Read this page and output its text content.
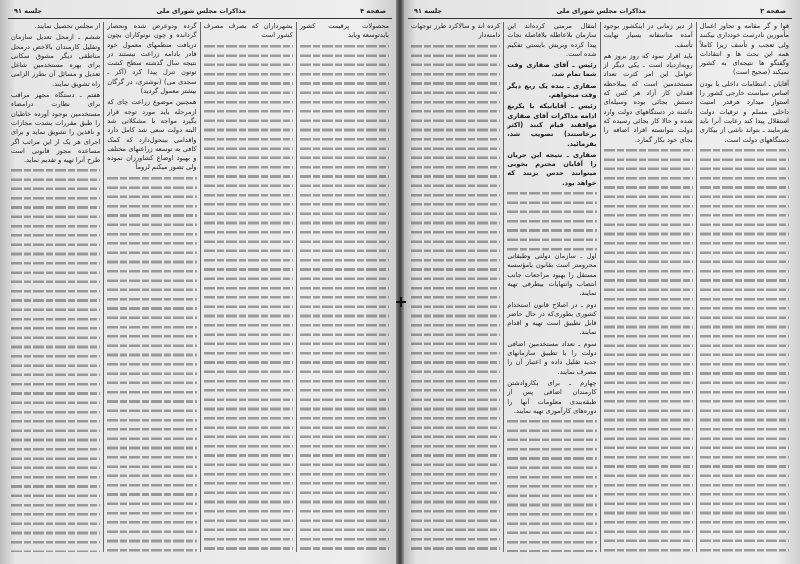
صفحه ۴
مذاکرات مجلس شورای ملی
جلسه ۹۱

محصولات پرقیمت کشور بایدتوسعه ویابد

بشهرداران که بصرف مصرف کشور است

گرده ودوعرض شده ونحصار گردانده و چون نوتوکاران بچون دریافت منظمهای معمول خود قادر بادامه زراعت نیستند در نتیجه سال گذشته سطح کشت توتون تنزل پیدا کرد (آکر ـ سجدی می) (نوشتری، در گرگان بیشتر معمول گردید)

همچنین موضوع زراعت چای که ازمرحله باید مورد توجه قرار بگیرد مواجه با مشکلاتی شد البته دولت سعی شد کامل دارد واقدامی ببنحول‌دارد که کمک کافی به توسعه زراعتهای مختلف و بهبود اوضاع کشاورزان نموده ولی تصور میکنم لزوماً

از مجلس تحصیل نمایند.

ششم ـ ازمحل تعدیل سازمان وتقلیل کارمندان بالاخص درمحل مناطقی دیگر مشوق سکانی برای بهره مستخدمین شاغل تعدیل و مسائل آن بطرز الزامی راه تشویق نمایند.

هفتم ـ دستگاه مجهز مراقب برای نظارت درامضاء مستخدمین بوجود آورده خاطیان را طبق مقررات بشدت مجازات و نافذین را تشویق نماید و برای اجرای هر یک از این مراتب اگر مساعده مجوز قانونی است طرح آنرا تهیه و تقدیم نماید.

صفحه ۳
مذاکرات مجلس شورای ملی
جلسه ۹۱

قوا و گر مقامه و تجاوز اعمال مأمورین نادرست خودداری نیکنند ولی تعجب و تأسف زیرا کاملاً همه این بحث ها و انتقادات وگفتگو ها نتیجه‌ای به کشور نمیکند (صحیح است)

آقایان ـ انتظامات داخلی با بودن اساس سیاست خارجی کشور را استوار میدارد هرقدر امنیت داخلی مسلم و ترقیات دولت استقلال پیدا کند رعایت آنرا باید بفرمایند ـ بتواند ناشی از بیکاری دستگاههای دولت است.

از دیر زمانی در اینکشور بوجود آمده متاسفانه بسیار نهایت تأسف.

باید اقرار نمود که روز بروز هم روبه‌ازدیاد است ـ یکی دیگر از عوامل این امر کثرت تعداد مستخدمین است که بملاحظه فقدان کار آزاد هر کس که دستش بجائی بوده وسیله‌ای داشته در دستگاههای دولت وارد شده و حالا کار بجائی رسیده که دولت نتوانسته افراد اضافه را بجای خود بکار گمارد.

ابتقال مرمتی کرده‌اند این سازمان بلاعاطله بلافاصله نجات پیدا کرده وبریش بایستی تفکیم شده است.

رئیس ـ آقای صفاری وقت شما تمام شد.

صفاری ـ بنده یک ربع دیگر وقت میخواهم.

رئیس ـ آقایانیکه با یکربع ادامه مذاکرات آقای صفاری موافقند قیام کنند (اکثر برخاستند) تصویب شد، بفرمائید.

صفاری ـ نتیجه این جریان را آقایان محترم بخوبی میتوانند حدس بزنند که خواهد بود.

اول ـ سازمان دولتی وطبقاتی محرومتر است بقانون یامؤسسه مستقل را بهبود مراجعات جانب انتصاب وانتهایات بیطرفی تهیه نمایند.

دوم ـ در اصلاح قانون استخدام کشوری بطوری‌که در حال حاضر قابل تطبیق است تهیه و اقدام نمایند.

سوم ـ تعداد مستخدمین اضافی دولت را با تطبیق سازمانهای جدید تقلیل داده و اعتبار آن را مصرف نمایند.

چهارم ـ برای بکاروادشتن کارمندان اضافی پس از طبقه‌بندی معلومات آنها را دوره‌های کارآموزی تهیه نمایند.

کرده اند و سالاکرد طرز توجهات دامنه‌دار
